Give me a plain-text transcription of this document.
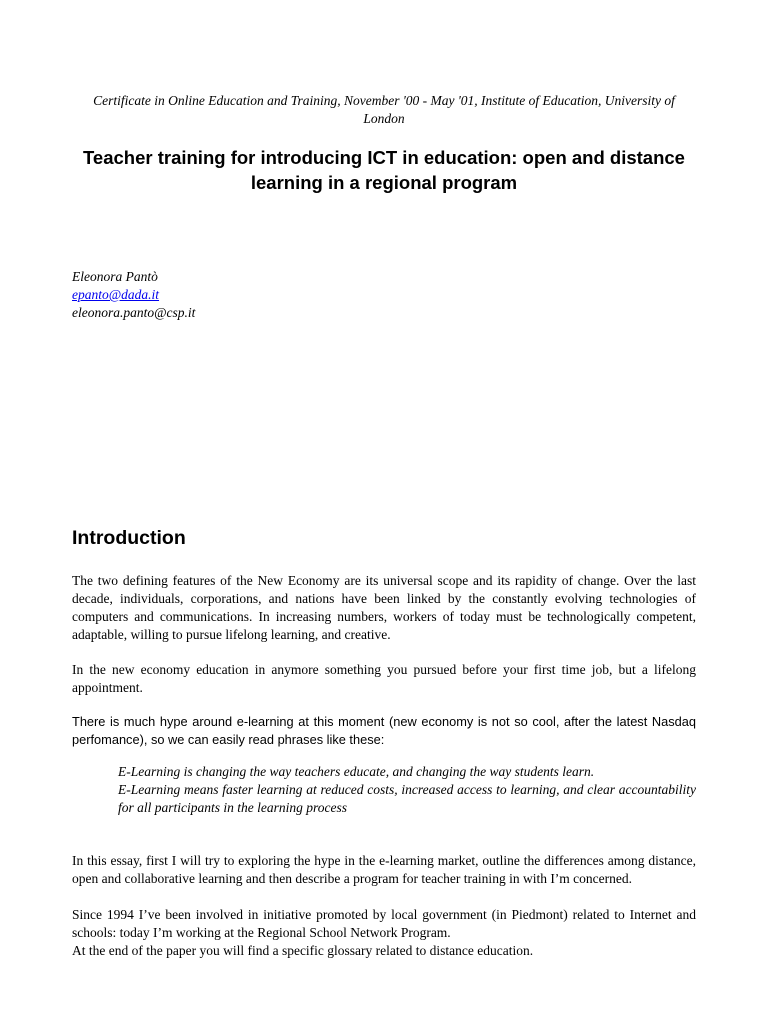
Certificate in Online Education and Training, November '00 - May '01, Institute of Education, University of London
Teacher training for introducing ICT in education: open and distance learning in a regional program
Eleonora Pantò
epanto@dada.it
eleonora.panto@csp.it
Introduction

The two defining features of the New Economy are its universal scope and its rapidity of change. Over the last decade, individuals, corporations, and nations have been linked by the constantly evolving technologies of computers and communications. In increasing numbers, workers of today must be technologically competent, adaptable, willing to pursue lifelong learning, and creative.

In the new economy education in anymore something you pursued before your first time job, but a lifelong appointment.

There is much hype around e-learning at this moment (new economy is not so cool, after the latest Nasdaq perfomance), so we can easily read phrases like these:

E-Learning is changing the way teachers educate, and changing the way students learn.
E-Learning means faster learning at reduced costs, increased access to learning, and clear accountability for all participants in the learning process

In this essay, first I will try to exploring the hype in the e-learning market, outline the differences among distance, open and collaborative learning and then describe a program for teacher training in with I’m concerned.

Since 1994 I’ve been involved in initiative promoted by local government (in Piedmont) related to Internet and schools: today I’m working at the Regional School Network Program.

At the end of the paper you will find a specific glossary related to distance education.
